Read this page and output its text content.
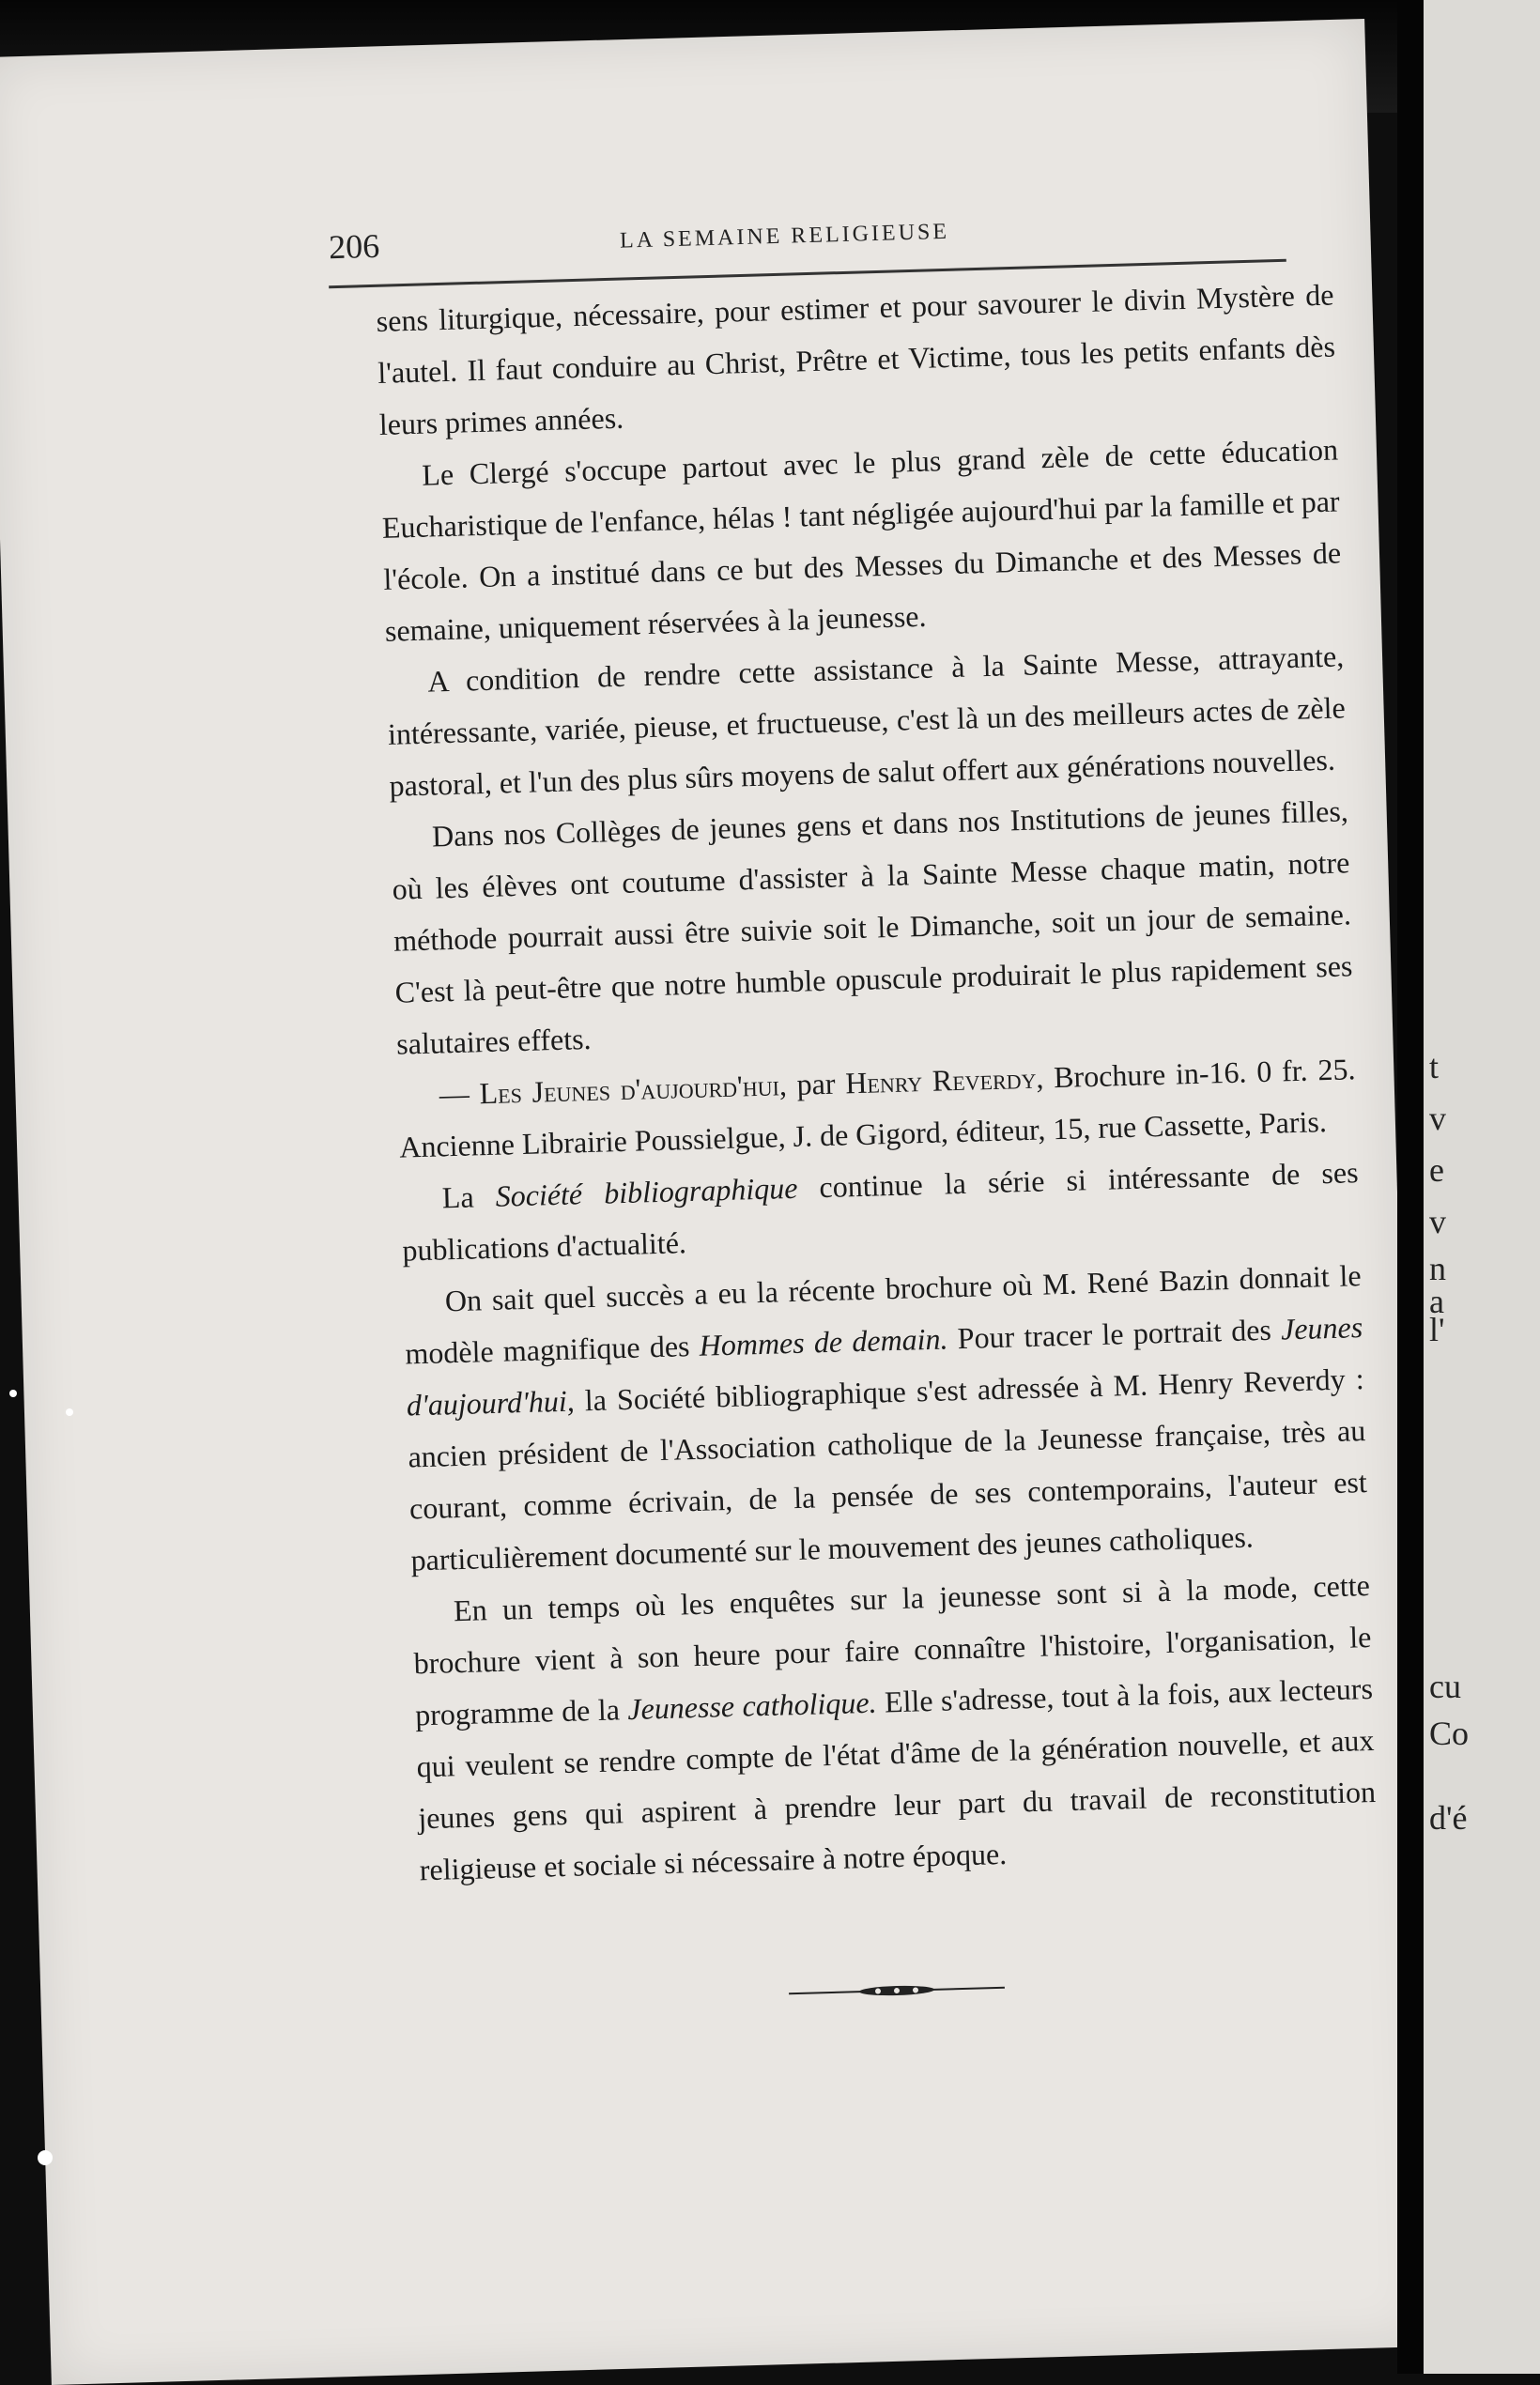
t
v
e
v
n
a
l'
cu
Co
d'é
206	LA SEMAINE RELIGIEUSE

sens liturgique, nécessaire, pour estimer et pour savourer le divin Mystère de l'autel. Il faut conduire au Christ, Prêtre et Victime, tous les petits enfants dès leurs primes années.

Le Clergé s'occupe partout avec le plus grand zèle de cette éducation Eucharistique de l'enfance, hélas ! tant négligée aujourd'hui par la famille et par l'école. On a institué dans ce but des Messes du Dimanche et des Messes de semaine, uniquement réservées à la jeunesse.

A condition de rendre cette assistance à la Sainte Messe, attrayante, intéressante, variée, pieuse, et fructueuse, c'est là un des meilleurs actes de zèle pastoral, et l'un des plus sûrs moyens de salut offert aux générations nouvelles.

Dans nos Collèges de jeunes gens et dans nos Institutions de jeunes filles, où les élèves ont coutume d'assister à la Sainte Messe chaque matin, notre méthode pourrait aussi être suivie soit le Dimanche, soit un jour de semaine. C'est là peut-être que notre humble opuscule produirait le plus rapidement ses salutaires effets.

— Les Jeunes d'aujourd'hui, par Henry Reverdy, Brochure in-16. 0 fr. 25. Ancienne Librairie Poussielgue, J. de Gigord, éditeur, 15, rue Cassette, Paris.

La Société bibliographique continue la série si intéressante de ses publications d'actualité.

On sait quel succès a eu la récente brochure où M. René Bazin donnait le modèle magnifique des Hommes de demain. Pour tracer le portrait des Jeunes d'aujourd'hui, la Société bibliographique s'est adressée à M. Henry Reverdy : ancien président de l'Association catholique de la Jeunesse française, très au courant, comme écrivain, de la pensée de ses contemporains, l'auteur est particulièrement documenté sur le mouvement des jeunes catholiques.

En un temps où les enquêtes sur la jeunesse sont si à la mode, cette brochure vient à son heure pour faire connaître l'histoire, l'organisation, le programme de la Jeunesse catholique. Elle s'adresse, tout à la fois, aux lecteurs qui veulent se rendre compte de l'état d'âme de la génération nouvelle, et aux jeunes gens qui aspirent à prendre leur part du travail de reconstitution religieuse et sociale si nécessaire à notre époque.
